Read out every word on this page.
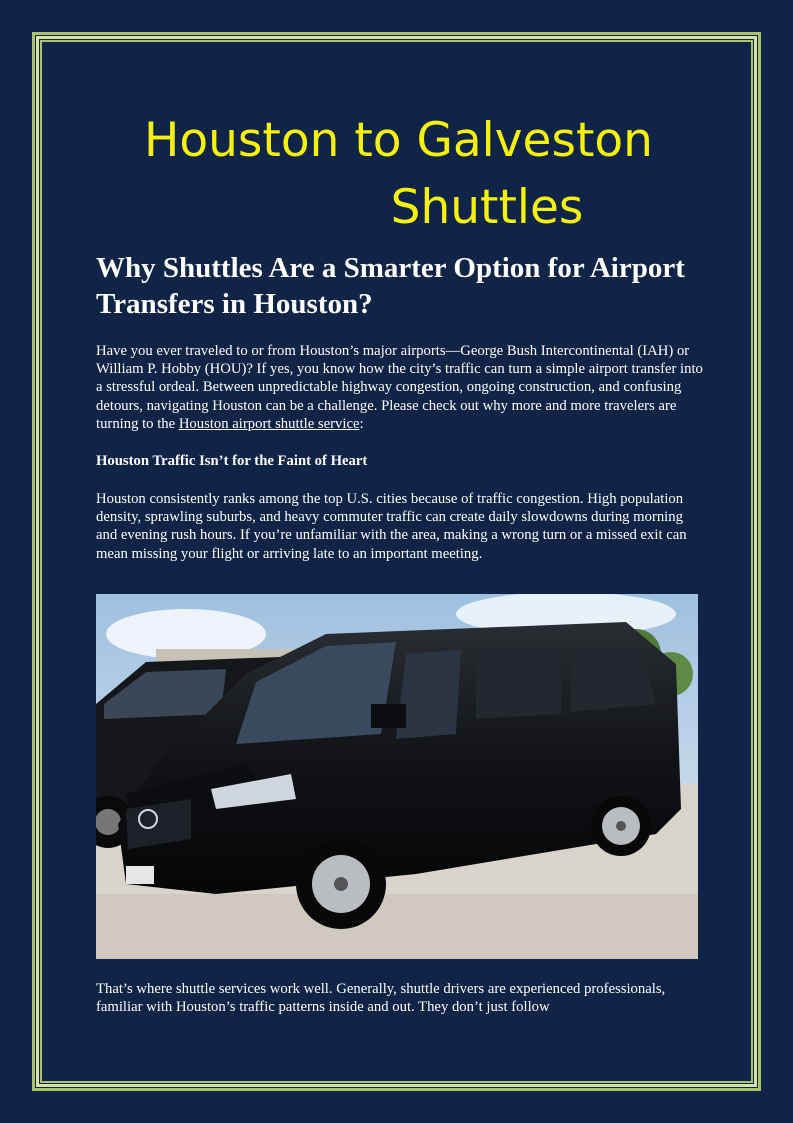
Houston to Galveston
Shuttles
Why Shuttles Are a Smarter Option for Airport Transfers in Houston?

Have you ever traveled to or from Houston’s major airports—George Bush Intercontinental (IAH) or William P. Hobby (HOU)? If yes, you know how the city’s traffic can turn a simple airport transfer into a stressful ordeal. Between unpredictable highway congestion, ongoing construction, and confusing detours, navigating Houston can be a challenge. Please check out why more and more travelers are turning to the Houston airport shuttle service:

Houston Traffic Isn’t for the Faint of Heart

Houston consistently ranks among the top U.S. cities because of traffic congestion. High population density, sprawling suburbs, and heavy commuter traffic can create daily slowdowns during morning and evening rush hours. If you’re unfamiliar with the area, making a wrong turn or a missed exit can mean missing your flight or arriving late to an important meeting.

That’s where shuttle services work well. Generally, shuttle drivers are experienced professionals, familiar with Houston’s traffic patterns inside and out. They don’t just follow
